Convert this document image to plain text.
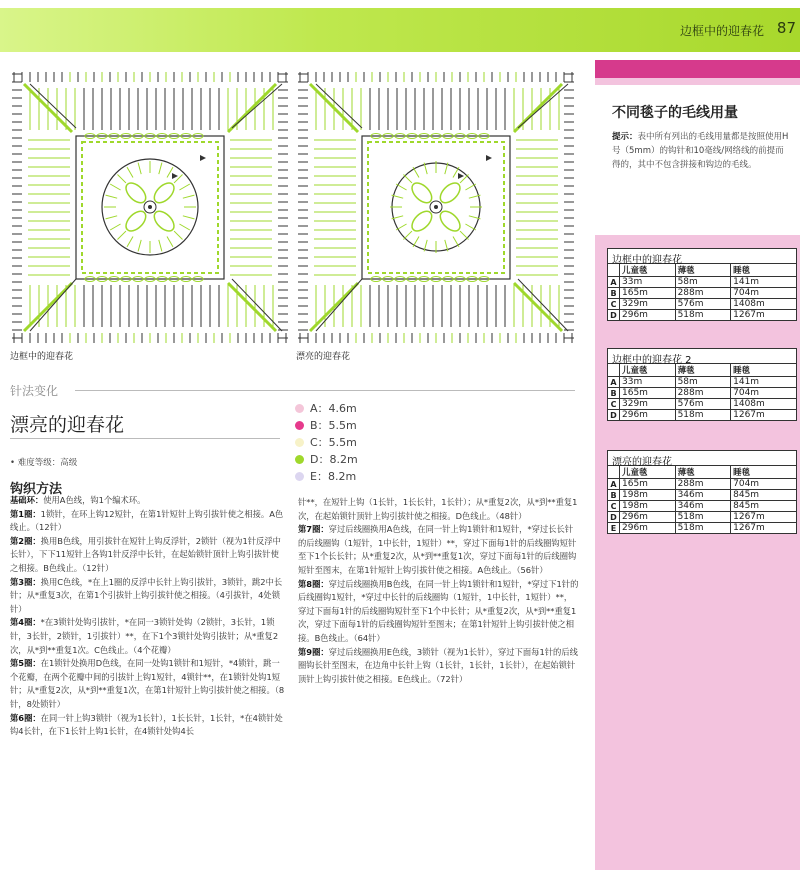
边框中的迎春花 87
不同毯子的毛线用量
提示：表中所有列出的毛线用量都是按照使用H号（5mm）的钩针和10毫线/网络线的前提而得的，其中不包含拼接和钩边的毛线。
边框中的迎春花
	儿童毯	薄毯	睡毯
A	33m	58m	141m
B	165m	288m	704m
C	329m	576m	1408m
D	296m	518m	1267m
边框中的迎春花 2
	儿童毯	薄毯	睡毯
A	33m	58m	141m
B	165m	288m	704m
C	329m	576m	1408m
D	296m	518m	1267m
漂亮的迎春花
	儿童毯	薄毯	睡毯
A	165m	288m	704m
B	198m	346m	845m
C	198m	346m	845m
D	296m	518m	1267m
E	296m	518m	1267m
边框中的迎春花	漂亮的迎春花
针法变化
漂亮的迎春花
• 难度等级：高级
钩织方法
A：4.6m
B：5.5m
C：5.5m
D：8.2m
E：8.2m
基础环：使用A色线，钩1个编术环。
第1圈：1锁针，在环上钩12短针，在第1针短针上钩引拔针使之相接。A色线止。（12针）
第2圈：换用B色线，用引拔针在短针上钩反浮针，2锁针（视为1针反浮中长针），下下11短针上各钩1针反浮中长针，在起始锁针顶针上钩引拔针使之相接。B色线止。（12针）
第3圈：换用C色线，*在上1圈的反浮中长针上钩引拔针，3锁针，跳2中长针；从*重复3次，在第1个引拔针上钩引拔针使之相接。（4引拔针，4处锁针）
第4圈：*在3锁针处钩引拔针，*在同一3锁针处钩（2锁针，3长针，1锁针，3长针，2锁针，1引拔针）**，在下1个3锁针处钩引拔针；从*重复2次，从*到**重复1次。C色线止。（4个花瓣）
第5圈：在1锁针处换用D色线，在同一处钩1锁针和1短针，*4锁针，跳一个花瓣，在两个花瓣中间的引拔针上钩1短针，4锁针**，在1锁针处钩1短针；从*重复2次，从*到**重复1次，在第1针短针上钩引拔针使之相接。（8针，8处锁针）
第6圈：在同一针上钩3锁针（视为1长针），1长长针，1长针，*在4锁针处钩4长针，在下1长针上钩1长针，在4锁针处钩4长
针**，在短针上钩（1长针，1长长针，1长针）；从*重复2次，从*到**重复1次，在起始锁针顶针上钩引拔针使之相接。D色线止。（48针）
第7圈：穿过后线圈换用A色线，在同一针上钩1锁针和1短针，*穿过长长针的后线圈钩（1短针，1中长针，1短针）**，穿过下面每1针的后线圈钩短针至下1个长长针；从*重复2次，从*到**重复1次，穿过下面每1针的后线圈钩短针至图末，在第1针短针上钩引拔针使之相接。A色线止。（56针）
第8圈：穿过后线圈换用B色线，在同一针上钩1锁针和1短针，*穿过下1针的后线圈钩1短针，*穿过中长针的后线圈钩（1短针，1中长针，1短针）**，穿过下面每1针的后线圈钩短针至下1个中长针；从*重复2次，从*到**重复1次，穿过下面每1针的后线圈钩短针至图末；在第1针短针上钩引拔针使之相接。B色线止。（64针）
第9圈：穿过后线圈换用E色线，3锁针（视为1长针），穿过下面每1针的后线圈钩长针至图末，在边角中长针上钩（1长针，1长针，1长针），在起始锁针顶针上钩引拔针使之相接。E色线止。（72针）
